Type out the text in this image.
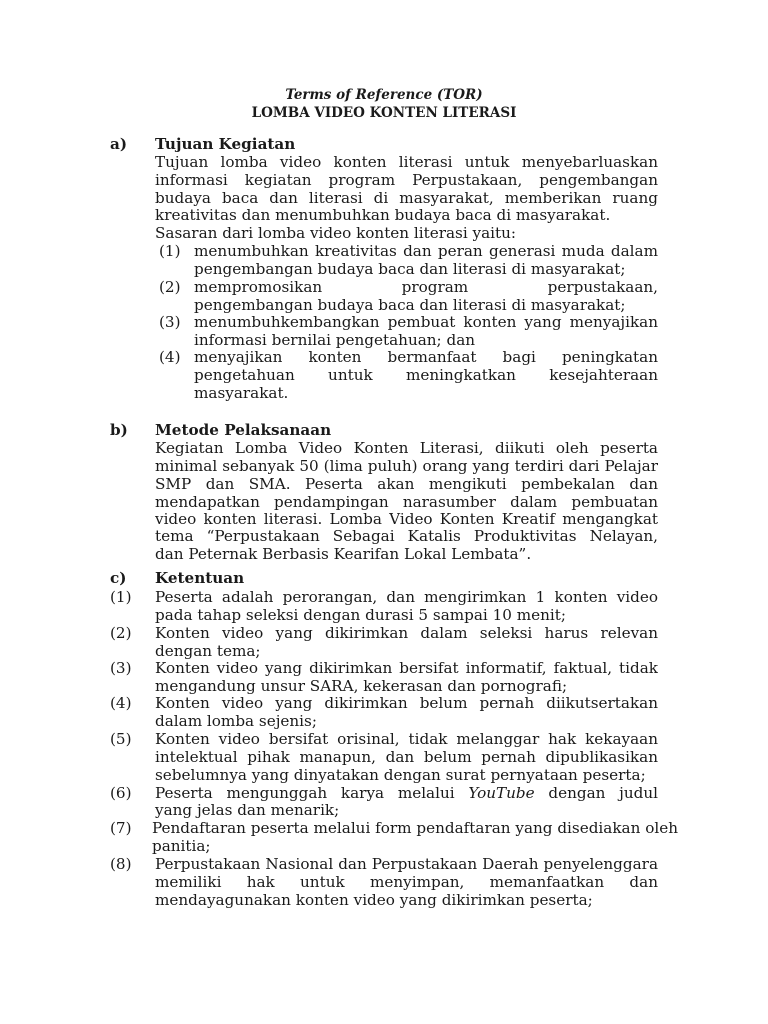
Terms of Reference (TOR)
LOMBA VIDEO KONTEN LITERASI
a) Tujuan Kegiatan
Tujuan lomba video konten literasi untuk menyebarluaskan
informasi kegiatan program Perpustakaan, pengembangan
budaya baca dan literasi di masyarakat, memberikan ruang
kreativitas dan menumbuhkan budaya baca di masyarakat.
Sasaran dari lomba video konten literasi yaitu:
(1) menumbuhkan kreativitas dan peran generasi muda dalam
pengembangan budaya baca dan literasi di masyarakat;
(2) mempromosikan program perpustakaan,
pengembangan budaya baca dan literasi di masyarakat;
(3) menumbuhkembangkan pembuat konten yang menyajikan
informasi bernilai pengetahuan; dan
(4) menyajikan konten bermanfaat bagi peningkatan
pengetahuan untuk meningkatkan kesejahteraan
masyarakat.
b) Metode Pelaksanaan
Kegiatan Lomba Video Konten Literasi, diikuti oleh peserta
minimal sebanyak 50 (lima puluh) orang yang terdiri dari Pelajar
SMP dan SMA. Peserta akan mengikuti pembekalan dan
mendapatkan pendampingan narasumber dalam pembuatan
video konten literasi. Lomba Video Konten Kreatif mengangkat
tema “Perpustakaan Sebagai Katalis Produktivitas Nelayan,
dan Peternak Berbasis Kearifan Lokal Lembata”.
c) Ketentuan
(1)	Peserta adalah perorangan, dan mengirimkan 1 konten video
pada tahap seleksi dengan durasi 5 sampai 10 menit;
(2)	Konten video yang dikirimkan dalam seleksi harus relevan
dengan tema;
(3)	Konten video yang dikirimkan bersifat informatif, faktual, tidak
mengandung unsur SARA, kekerasan dan pornografi;
(4)	Konten video yang dikirimkan belum pernah diikutsertakan
dalam lomba sejenis;
(5)	Konten video bersifat orisinal, tidak melanggar hak kekayaan
intelektual pihak manapun, dan belum pernah dipublikasikan
sebelumnya yang dinyatakan dengan surat pernyataan peserta;
(6)	Peserta mengunggah karya melalui YouTube dengan judul
yang jelas dan menarik;
(7)	Pendaftaran peserta melalui form pendaftaran yang disediakan oleh
panitia;
(8)	Perpustakaan Nasional dan Perpustakaan Daerah penyelenggara
memiliki hak untuk menyimpan, memanfaatkan dan
mendayagunakan konten video yang dikirimkan peserta;
